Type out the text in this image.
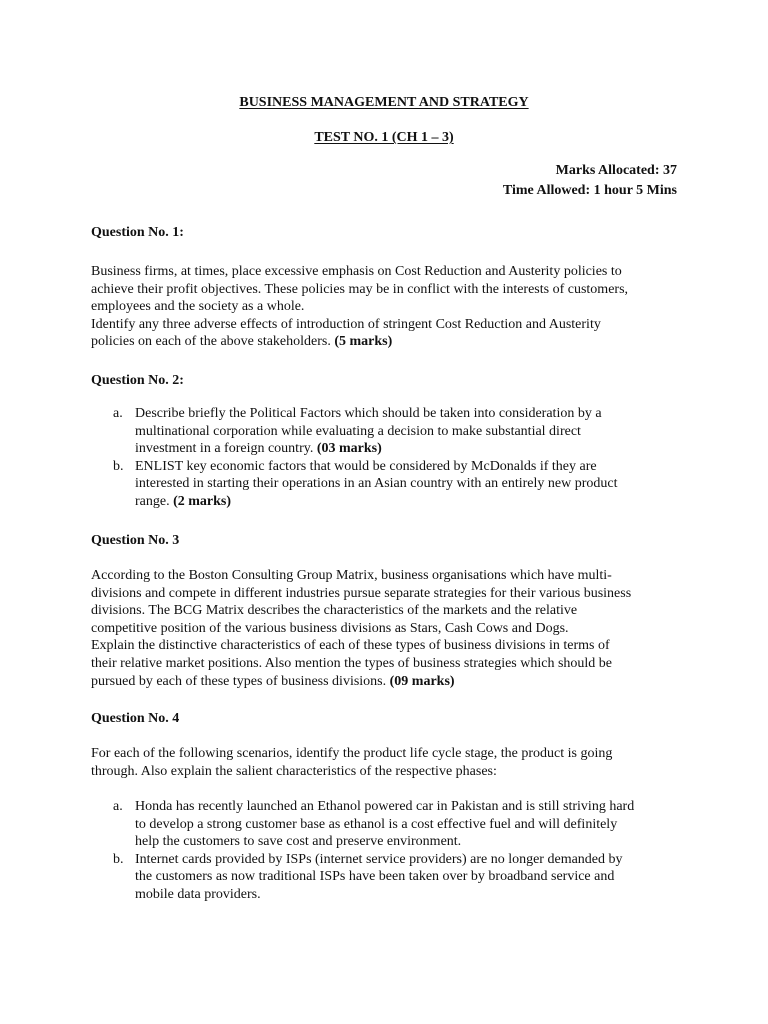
BUSINESS MANAGEMENT AND STRATEGY
TEST NO. 1 (CH 1 – 3)
Marks Allocated: 37
Time Allowed: 1 hour 5 Mins
Question No. 1:
Business firms, at times, place excessive emphasis on Cost Reduction and Austerity policies to
achieve their profit objectives. These policies may be in conflict with the interests of customers,
employees and the society as a whole.
Identify any three adverse effects of introduction of stringent Cost Reduction and Austerity
policies on each of the above stakeholders. (5 marks)
Question No. 2:
a. Describe briefly the Political Factors which should be taken into consideration by a
multinational corporation while evaluating a decision to make substantial direct
investment in a foreign country. (03 marks)
b. ENLIST key economic factors that would be considered by McDonalds if they are
interested in starting their operations in an Asian country with an entirely new product
range. (2 marks)
Question No. 3
According to the Boston Consulting Group Matrix, business organisations which have multi-
divisions and compete in different industries pursue separate strategies for their various business
divisions. The BCG Matrix describes the characteristics of the markets and the relative
competitive position of the various business divisions as Stars, Cash Cows and Dogs.
Explain the distinctive characteristics of each of these types of business divisions in terms of
their relative market positions. Also mention the types of business strategies which should be
pursued by each of these types of business divisions. (09 marks)
Question No. 4
For each of the following scenarios, identify the product life cycle stage, the product is going
through. Also explain the salient characteristics of the respective phases:
a. Honda has recently launched an Ethanol powered car in Pakistan and is still striving hard
to develop a strong customer base as ethanol is a cost effective fuel and will definitely
help the customers to save cost and preserve environment.
b. Internet cards provided by ISPs (internet service providers) are no longer demanded by
the customers as now traditional ISPs have been taken over by broadband service and
mobile data providers.
